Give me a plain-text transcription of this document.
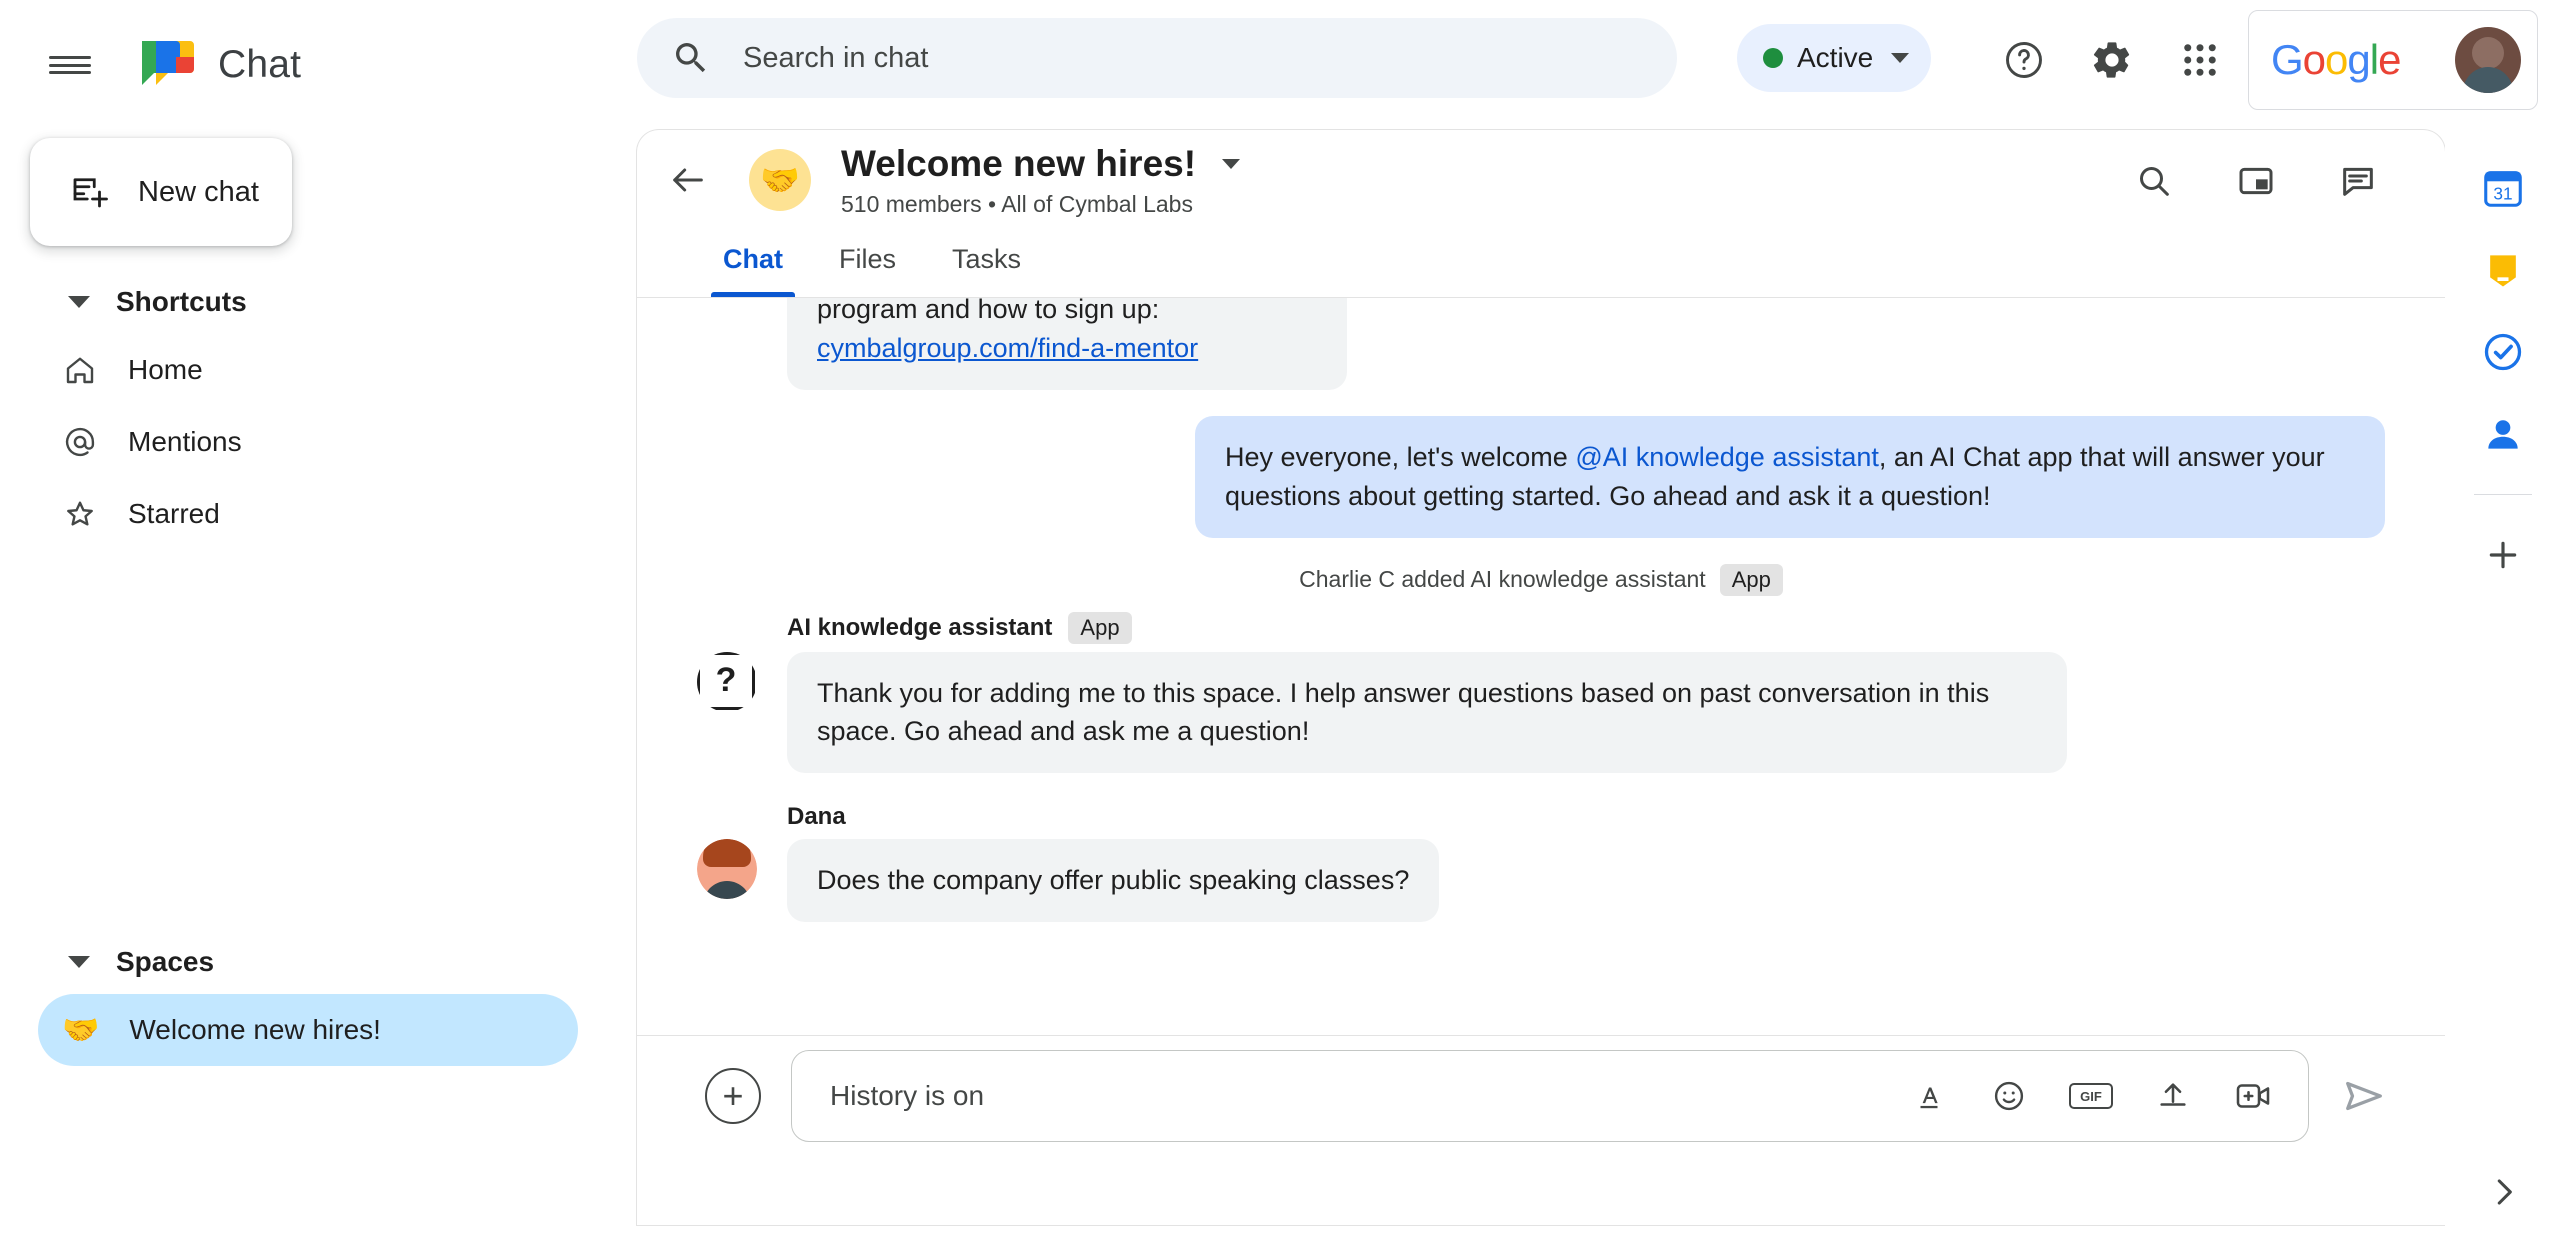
Chat	Search in chat	Active	Google
New chat
Shortcuts
Home
Mentions
Starred
Spaces
🤝 Welcome new hires!
🤝 Welcome new hires!
510 members • All of Cymbal Labs
Chat	Files	Tasks
program and how to sign up:
cymbalgroup.com/find-a-mentor
Hey everyone, let's welcome @AI knowledge assistant, an AI Chat app that will answer your questions about getting started. Go ahead and ask it a question!
Charlie C added AI knowledge assistant	App
AI knowledge assistant	App
?	Thank you for adding me to this space. I help answer questions based on past conversation in this space. Go ahead and ask me a question!
Dana
Does the company offer public speaking classes?
+	History is on	GIF
31
